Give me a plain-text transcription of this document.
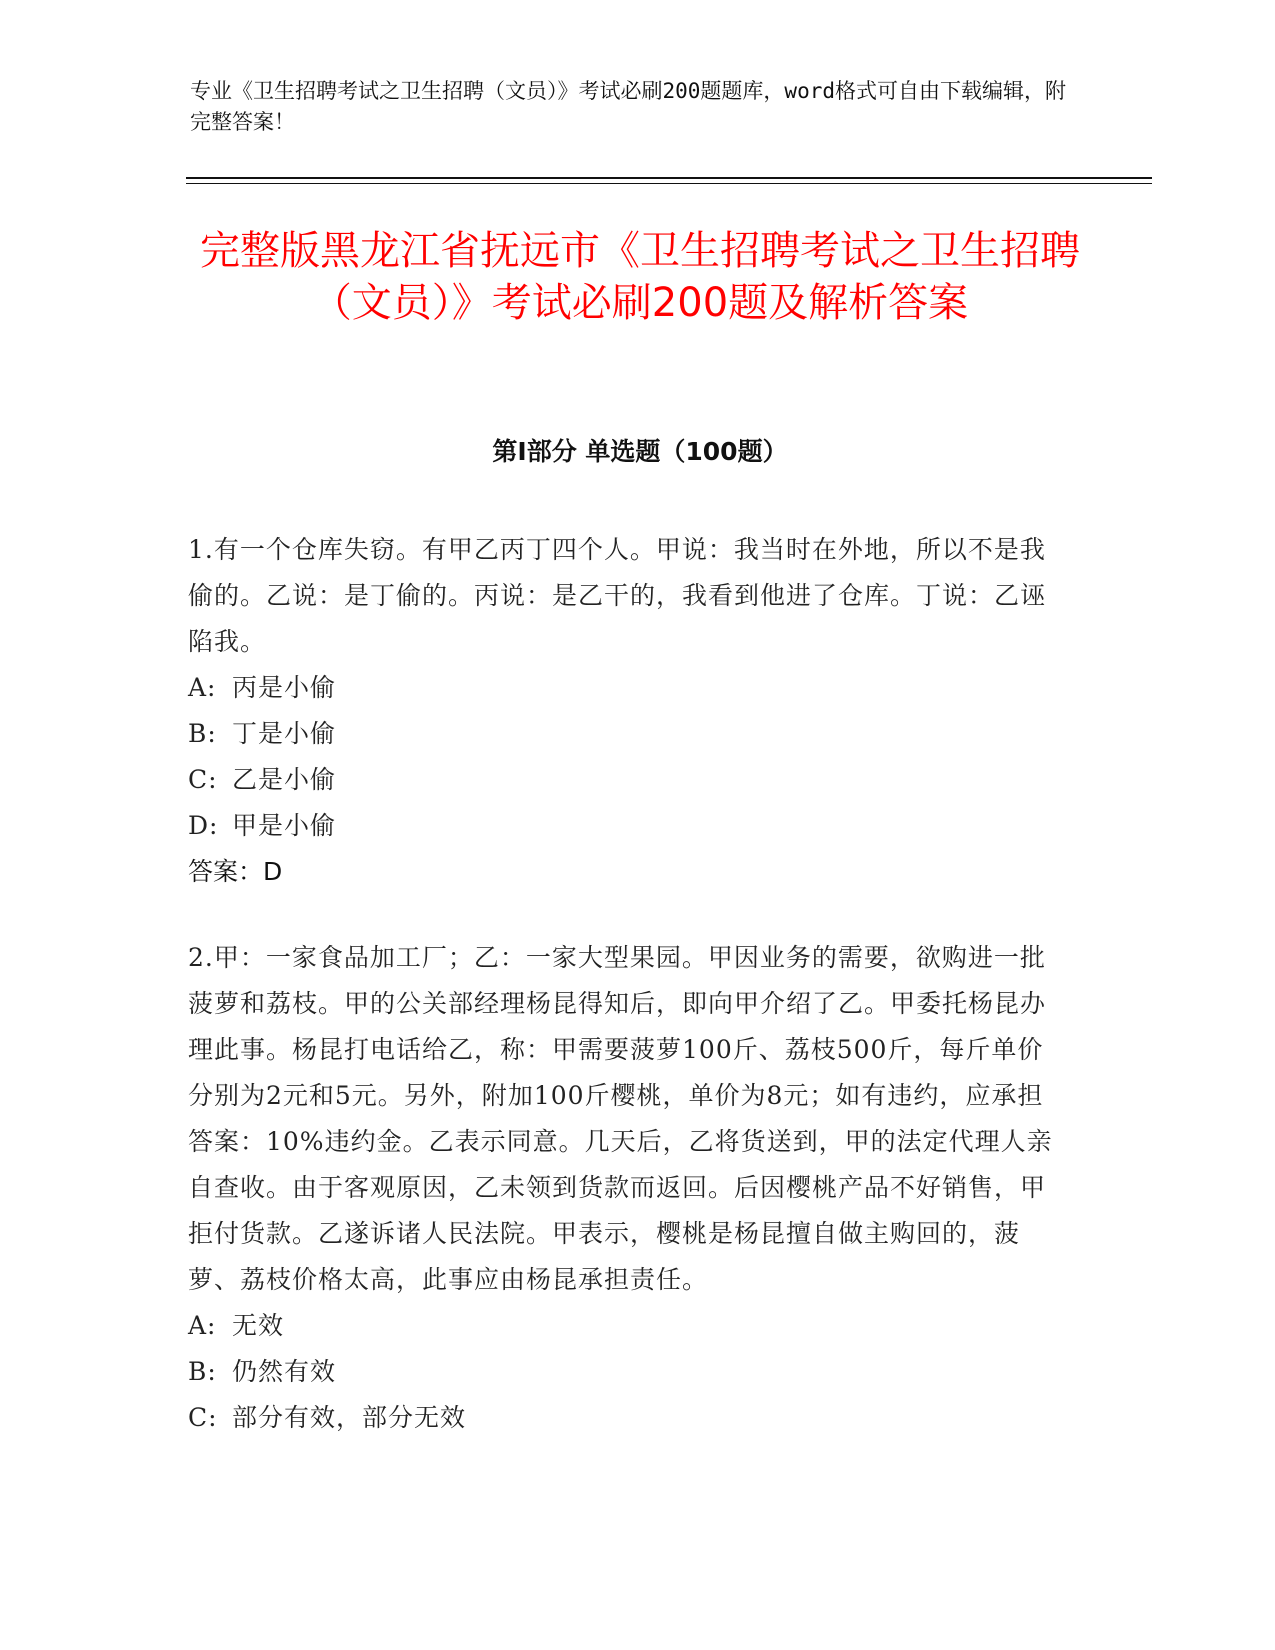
专业《卫生招聘考试之卫生招聘（文员）》考试必刷200题题库，word格式可自由下载编辑，附完整答案！
完整版黑龙江省抚远市《卫生招聘考试之卫生招聘（文员）》考试必刷200题及解析答案
第I部分 单选题（100题）
1.有一个仓库失窃。有甲乙丙丁四个人。甲说：我当时在外地，所以不是我偷的。乙说：是丁偷的。丙说：是乙干的，我看到他进了仓库。丁说：乙诬陷我。
A: 丙是小偷
B: 丁是小偷
C: 乙是小偷
D: 甲是小偷
答案：D
2.甲：一家食品加工厂；乙：一家大型果园。甲因业务的需要，欲购进一批菠萝和荔枝。甲的公关部经理杨昆得知后，即向甲介绍了乙。甲委托杨昆办理此事。杨昆打电话给乙，称：甲需要菠萝100斤、荔枝500斤，每斤单价分别为2元和5元。另外，附加100斤樱桃，单价为8元；如有违约，应承担答案：10%违约金。乙表示同意。几天后，乙将货送到，甲的法定代理人亲自查收。由于客观原因，乙未领到货款而返回。后因樱桃产品不好销售，甲拒付货款。乙遂诉诸人民法院。甲表示，樱桃是杨昆擅自做主购回的，菠萝、荔枝价格太高，此事应由杨昆承担责任。
A: 无效
B: 仍然有效
C: 部分有效，部分无效
